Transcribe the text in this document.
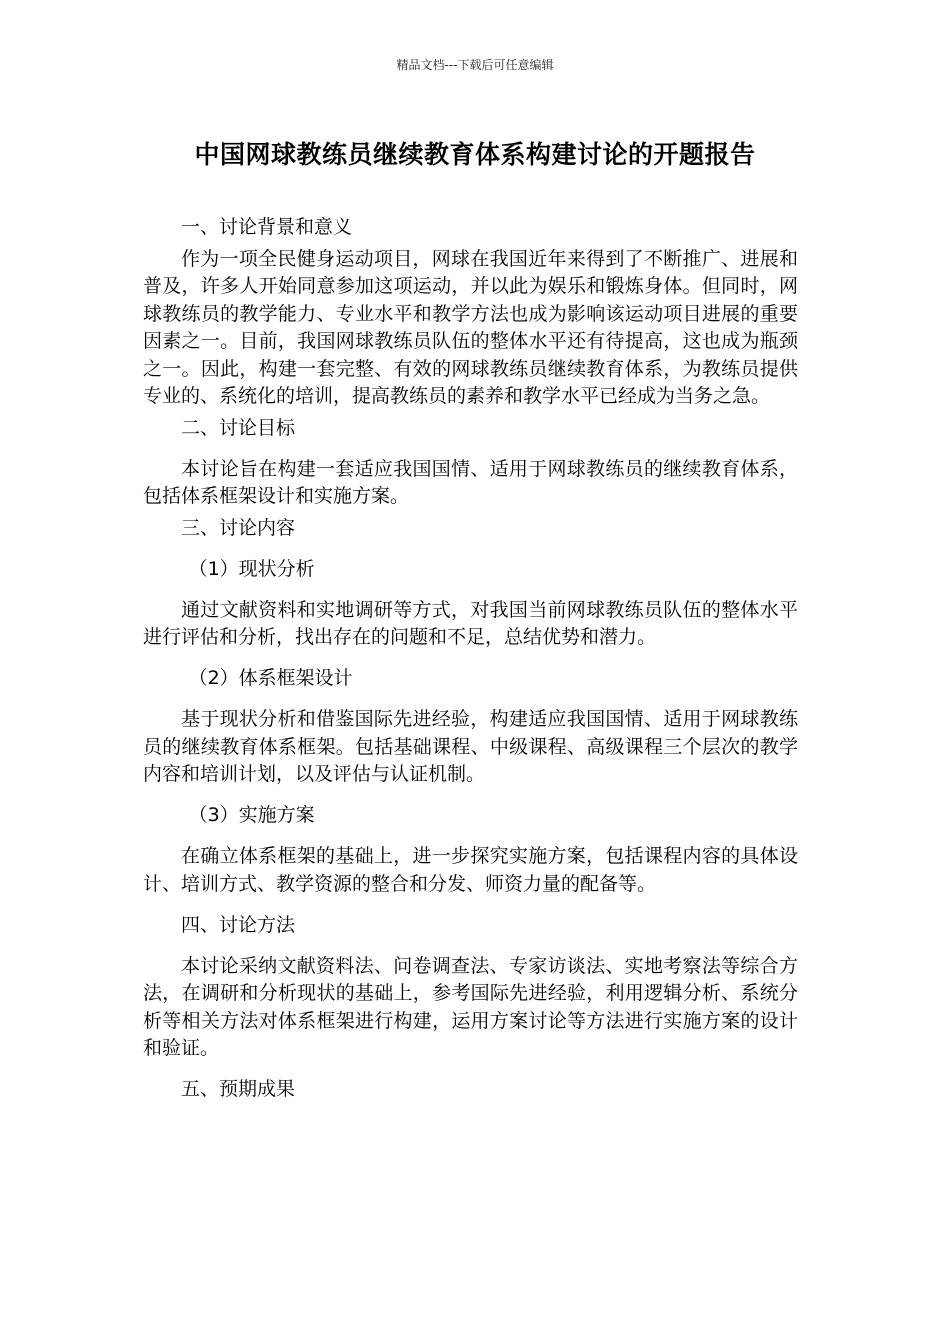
精品文档---下载后可任意编辑
中国网球教练员继续教育体系构建讨论的开题报告

一、讨论背景和意义

作为一项全民健身运动项目，网球在我国近年来得到了不断推广、进展和普及，许多人开始同意参加这项运动，并以此为娱乐和锻炼身体。但同时，网球教练员的教学能力、专业水平和教学方法也成为影响该运动项目进展的重要因素之一。目前，我国网球教练员队伍的整体水平还有待提高，这也成为瓶颈之一。因此，构建一套完整、有效的网球教练员继续教育体系，为教练员提供专业的、系统化的培训，提高教练员的素养和教学水平已经成为当务之急。

二、讨论目标

本讨论旨在构建一套适应我国国情、适用于网球教练员的继续教育体系，包括体系框架设计和实施方案。

三、讨论内容

（1）现状分析

通过文献资料和实地调研等方式，对我国当前网球教练员队伍的整体水平进行评估和分析，找出存在的问题和不足，总结优势和潜力。

（2）体系框架设计

基于现状分析和借鉴国际先进经验，构建适应我国国情、适用于网球教练员的继续教育体系框架。包括基础课程、中级课程、高级课程三个层次的教学内容和培训计划，以及评估与认证机制。

（3）实施方案

在确立体系框架的基础上，进一步探究实施方案，包括课程内容的具体设计、培训方式、教学资源的整合和分发、师资力量的配备等。

四、讨论方法

本讨论采纳文献资料法、问卷调查法、专家访谈法、实地考察法等综合方法，在调研和分析现状的基础上，参考国际先进经验，利用逻辑分析、系统分析等相关方法对体系框架进行构建，运用方案讨论等方法进行实施方案的设计和验证。

五、预期成果
